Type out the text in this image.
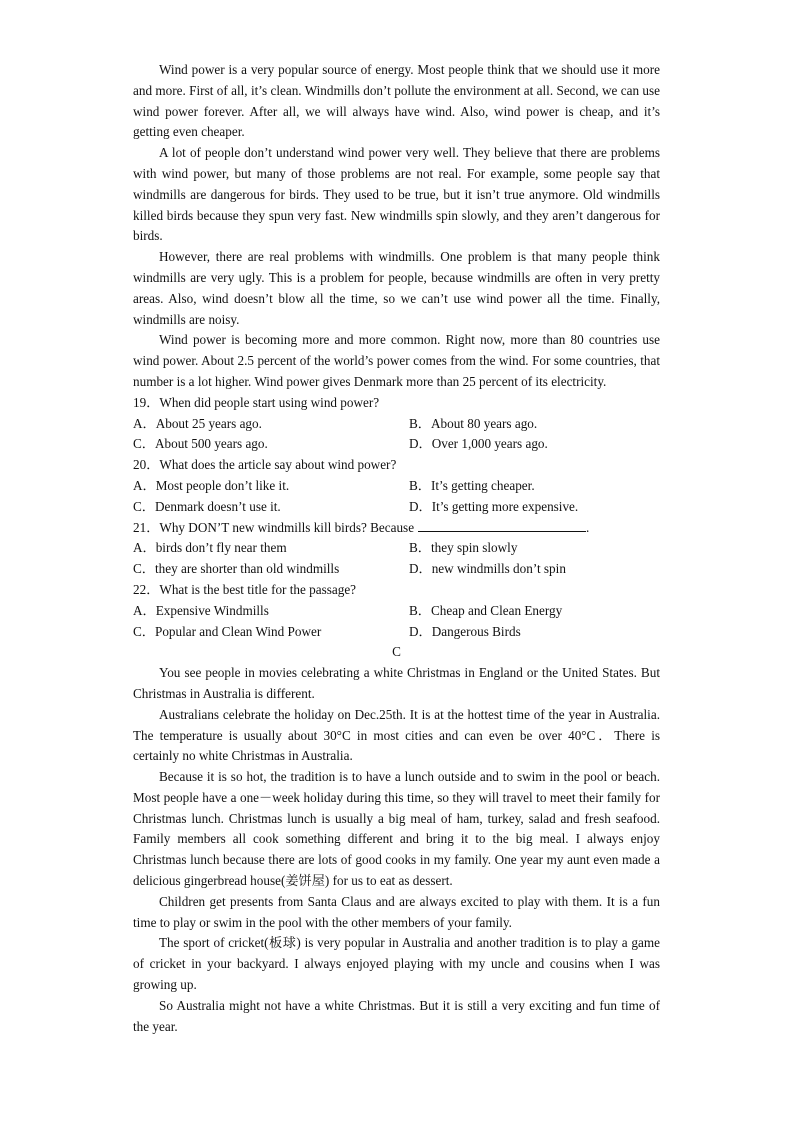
Wind power is a very popular source of energy. Most people think that we should use it more and more. First of all, it’s clean. Windmills don’t pollute the environment at all. Second, we can use wind power forever. After all, we will always have wind. Also, wind power is cheap, and it’s getting even cheaper.

A lot of people don’t understand wind power very well. They believe that there are problems with wind power, but many of those problems are not real. For example, some people say that windmills are dangerous for birds. They used to be true, but it isn’t true anymore. Old windmills killed birds because they spun very fast. New windmills spin slowly, and they aren’t dangerous for birds.

However, there are real problems with windmills. One problem is that many people think windmills are very ugly. This is a problem for people, because windmills are often in very pretty areas. Also, wind doesn’t blow all the time, so we can’t use wind power all the time. Finally, windmills are noisy.

Wind power is becoming more and more common. Right now, more than 80 countries use wind power. About 2.5 percent of the world’s power comes from the wind. For some countries, that number is a lot higher. Wind power gives Denmark more than 25 percent of its electricity.

19．When did people start using wind power?

A．About 25 years ago.	B．About 80 years ago.
C．About 500 years ago.	D．Over 1,000 years ago.

20．What does the article say about wind power?

A．Most people don’t like it.	B．It’s getting cheaper.
C．Denmark doesn’t use it.	D．It’s getting more expensive.

21．Why DON’T new windmills kill birds? Because	.

A．birds don’t fly near them	B．they spin slowly
C．they are shorter than old windmills	D．new windmills don’t spin

22．What is the best title for the passage?

A．Expensive Windmills	B．Cheap and Clean Energy
C．Popular and Clean Wind Power	D．Dangerous Birds

C

You see people in movies celebrating a white Christmas in England or the United States. But Christmas in Australia is different.

Australians celebrate the holiday on Dec.25th. It is at the hottest time of the year in Australia. The temperature is usually about 30°C in most cities and can even be over 40°C．There is certainly no white Christmas in Australia.

Because it is so hot, the tradition is to have a lunch outside and to swim in the pool or beach. Most people have a one－week holiday during this time, so they will travel to meet their family for Christmas lunch. Christmas lunch is usually a big meal of ham, turkey, salad and fresh seafood. Family members all cook something different and bring it to the big meal. I always enjoy Christmas lunch because there are lots of good cooks in my family. One year my aunt even made a delicious gingerbread house(姜饼屋) for us to eat as dessert.

Children get presents from Santa Claus and are always excited to play with them. It is a fun time to play or swim in the pool with the other members of your family.

The sport of cricket(板球) is very popular in Australia and another tradition is to play a game of cricket in your backyard. I always enjoyed playing with my uncle and cousins when I was growing up.

So Australia might not have a white Christmas. But it is still a very exciting and fun time of the year.
